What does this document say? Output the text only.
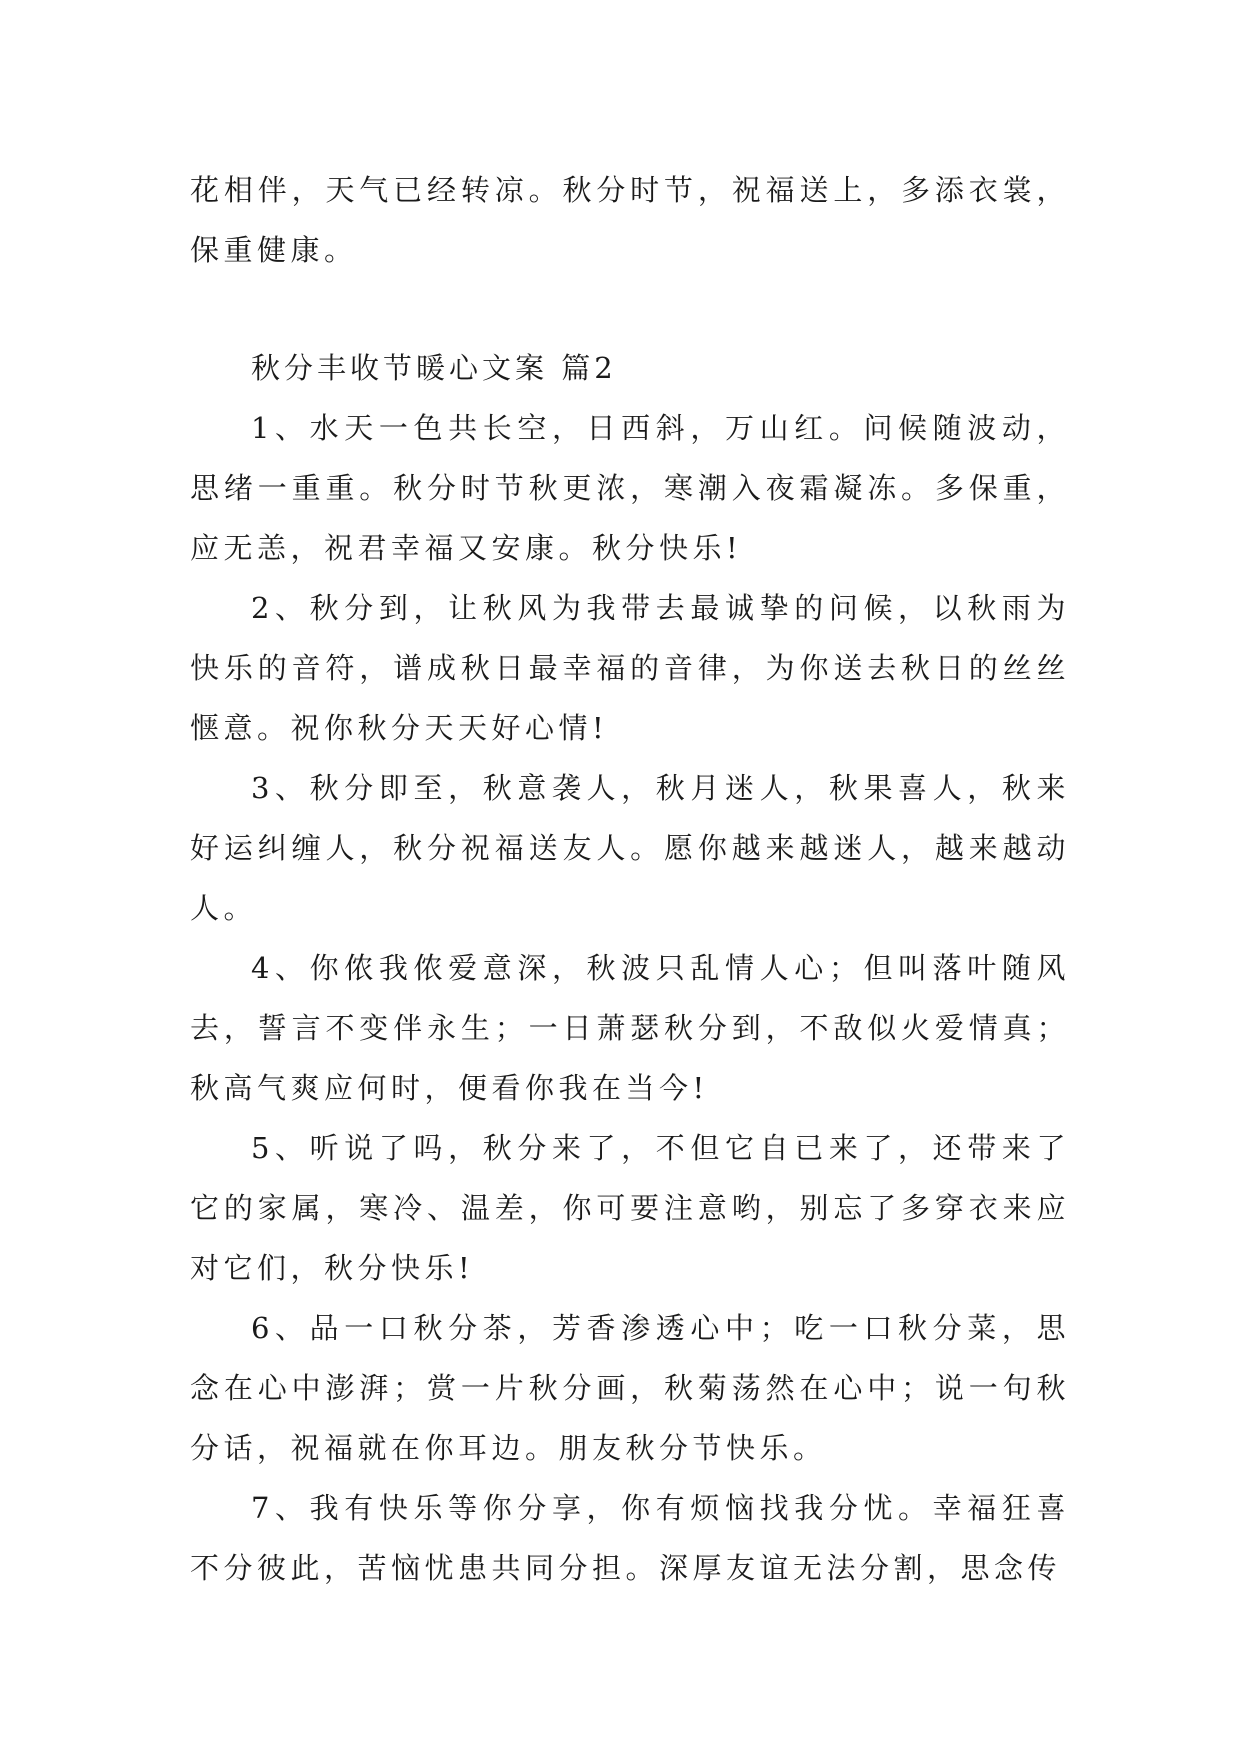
花相伴，天气已经转凉。秋分时节，祝福送上，多添衣裳，保重健康。

秋分丰收节暖心文案 篇2

1、水天一色共长空，日西斜，万山红。问候随波动，思绪一重重。秋分时节秋更浓，寒潮入夜霜凝冻。多保重，应无恙，祝君幸福又安康。秋分快乐!

2、秋分到，让秋风为我带去最诚挚的问候，以秋雨为快乐的音符，谱成秋日最幸福的音律，为你送去秋日的丝丝惬意。祝你秋分天天好心情!

3、秋分即至，秋意袭人，秋月迷人，秋果喜人，秋来好运纠缠人，秋分祝福送友人。愿你越来越迷人，越来越动人。

4、你侬我侬爱意深，秋波只乱情人心；但叫落叶随风去，誓言不变伴永生；一日萧瑟秋分到，不敌似火爱情真；秋高气爽应何时，便看你我在当今!

5、听说了吗，秋分来了，不但它自已来了，还带来了它的家属，寒冷、温差，你可要注意哟，别忘了多穿衣来应对它们，秋分快乐!

6、品一口秋分茶，芳香渗透心中；吃一口秋分菜，思念在心中澎湃；赏一片秋分画，秋菊荡然在心中；说一句秋分话，祝福就在你耳边。朋友秋分节快乐。

7、我有快乐等你分享，你有烦恼找我分忧。幸福狂喜不分彼此，苦恼忧患共同分担。深厚友谊无法分割，思念传
